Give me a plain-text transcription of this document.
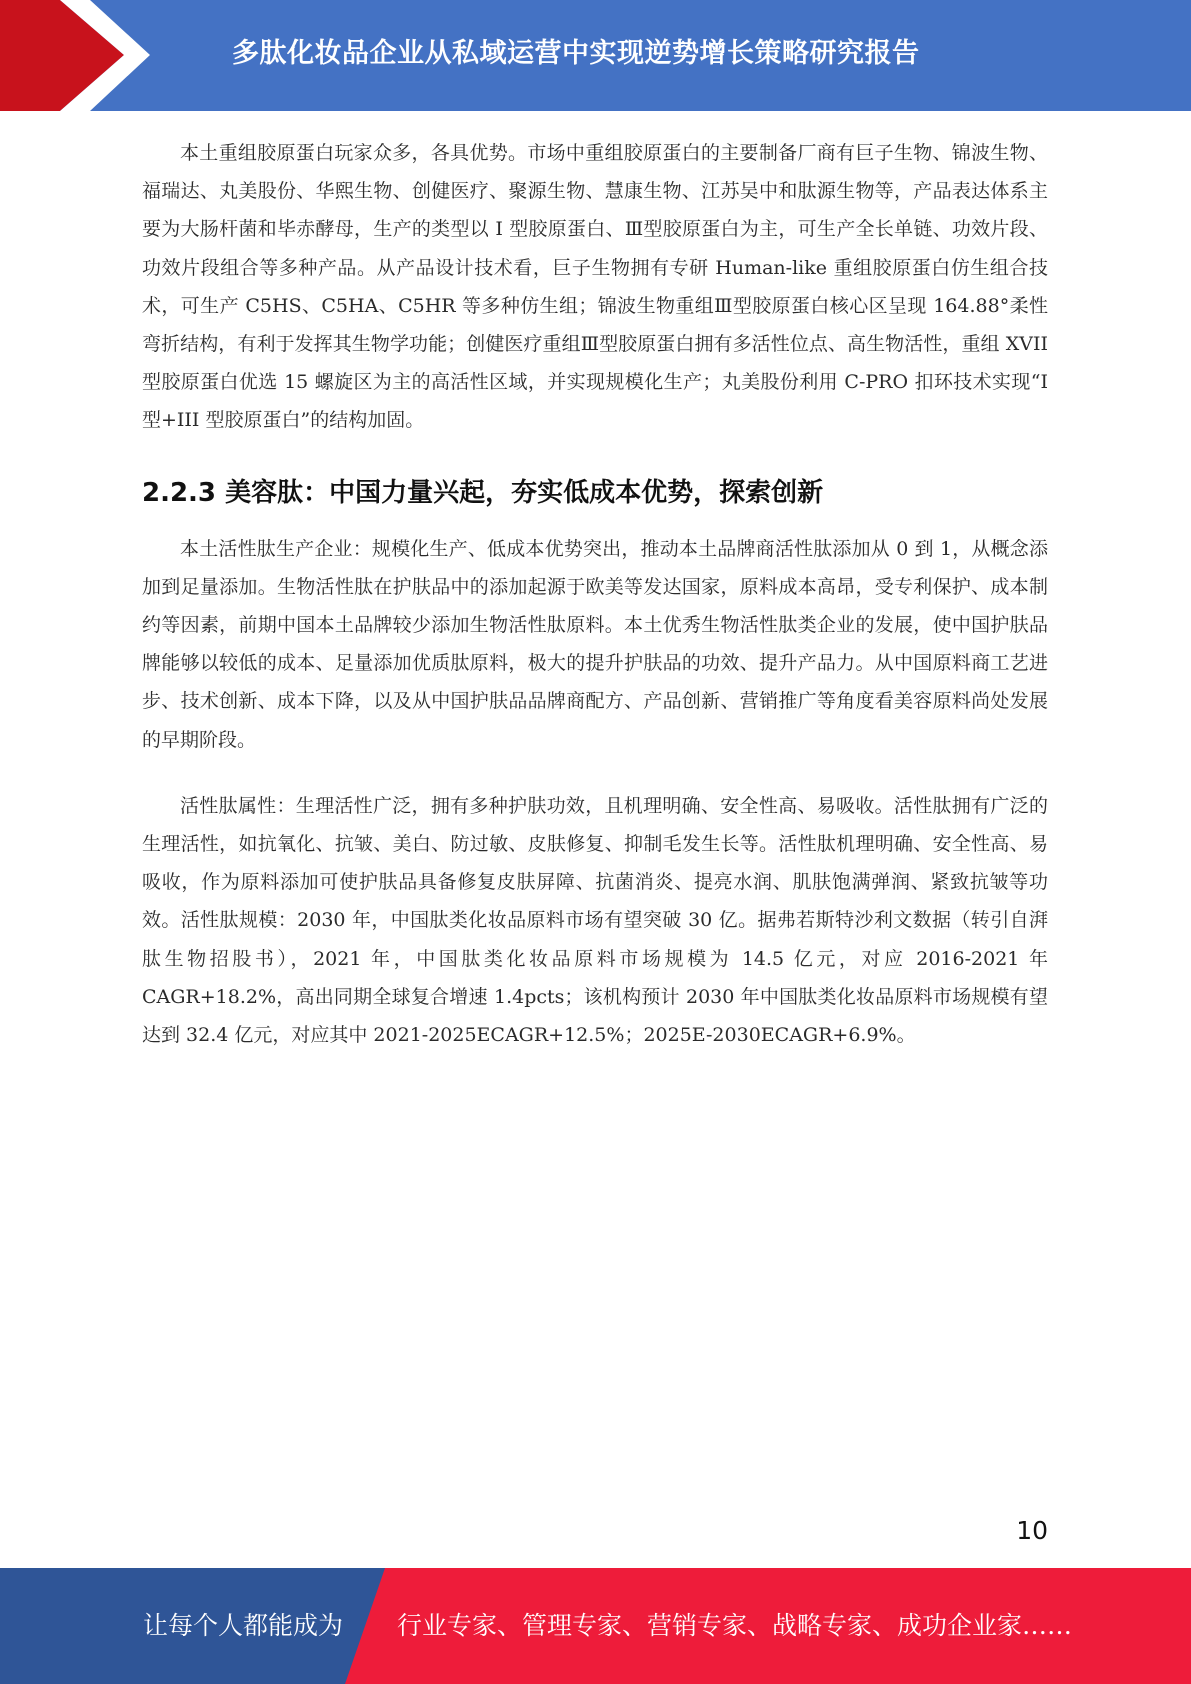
多肽化妆品企业从私域运营中实现逆势增长策略研究报告

本土重组胶原蛋白玩家众多，各具优势。市场中重组胶原蛋白的主要制备厂商有巨子生物、锦波生物、福瑞达、丸美股份、华熙生物、创健医疗、聚源生物、慧康生物、江苏吴中和肽源生物等，产品表达体系主要为大肠杆菌和毕赤酵母，生产的类型以 I 型胶原蛋白、Ⅲ型胶原蛋白为主，可生产全长单链、功效片段、功效片段组合等多种产品。从产品设计技术看，巨子生物拥有专研 Human-like 重组胶原蛋白仿生组合技术，可生产 C5HS、C5HA、C5HR 等多种仿生组；锦波生物重组Ⅲ型胶原蛋白核心区呈现 164.88°柔性弯折结构，有利于发挥其生物学功能；创健医疗重组Ⅲ型胶原蛋白拥有多活性位点、高生物活性，重组 XVII 型胶原蛋白优选 15 螺旋区为主的高活性区域，并实现规模化生产；丸美股份利用 C-PRO 扣环技术实现“I 型+III 型胶原蛋白”的结构加固。

2.2.3 美容肽：中国力量兴起，夯实低成本优势，探索创新

本土活性肽生产企业：规模化生产、低成本优势突出，推动本土品牌商活性肽添加从 0 到 1，从概念添加到足量添加。生物活性肽在护肤品中的添加起源于欧美等发达国家，原料成本高昂，受专利保护、成本制约等因素，前期中国本土品牌较少添加生物活性肽原料。本土优秀生物活性肽类企业的发展，使中国护肤品牌能够以较低的成本、足量添加优质肽原料，极大的提升护肤品的功效、提升产品力。从中国原料商工艺进步、技术创新、成本下降，以及从中国护肤品品牌商配方、产品创新、营销推广等角度看美容原料尚处发展的早期阶段。

活性肽属性：生理活性广泛，拥有多种护肤功效，且机理明确、安全性高、易吸收。活性肽拥有广泛的生理活性，如抗氧化、抗皱、美白、防过敏、皮肤修复、抑制毛发生长等。活性肽机理明确、安全性高、易吸收，作为原料添加可使护肤品具备修复皮肤屏障、抗菌消炎、提亮水润、肌肤饱满弹润、紧致抗皱等功效。活性肽规模：2030 年，中国肽类化妆品原料市场有望突破 30 亿。据弗若斯特沙利文数据（转引自湃肽生物招股书），2021 年，中国肽类化妆品原料市场规模为 14.5 亿元，对应 2016-2021 年 CAGR+18.2%，高出同期全球复合增速 1.4pcts；该机构预计 2030 年中国肽类化妆品原料市场规模有望达到 32.4 亿元，对应其中 2021-2025ECAGR+12.5%；2025E-2030ECAGR+6.9%。

10
让每个人都能成为 行业专家、管理专家、营销专家、战略专家、成功企业家……
